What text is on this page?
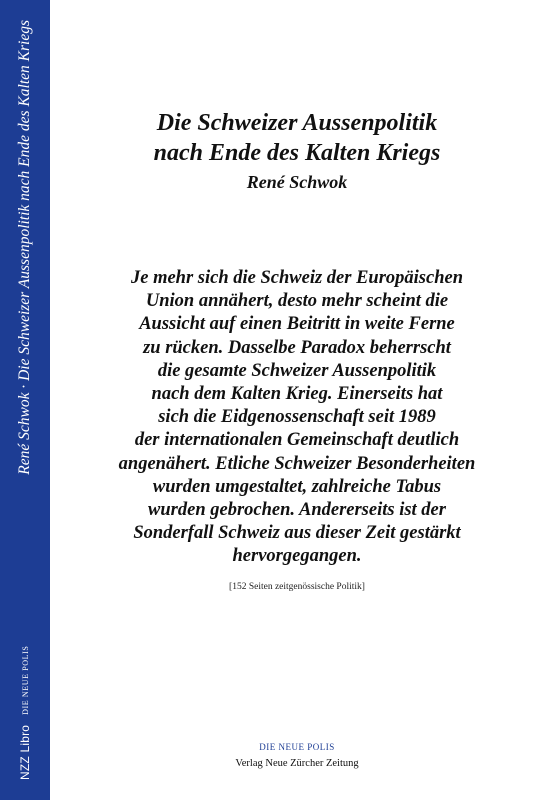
NZZ Libro
DIE NEUE POLIS
René Schwok · Die Schweizer Aussenpolitik nach Ende des Kalten Kriegs	Die Schweizer Aussenpolitik
nach Ende des Kalten Kriegs
René Schwok
Je mehr sich die Schweiz der Europäischen
Union annähert, desto mehr scheint die
Aussicht auf einen Beitritt in weite Ferne
zu rücken. Dasselbe Paradox beherrscht
die gesamte Schweizer Aussenpolitik
nach dem Kalten Krieg. Einerseits hat
sich die Eidgenossenschaft seit 1989
der internationalen Gemeinschaft deutlich
angenähert. Etliche Schweizer Besonderheiten
wurden umgestaltet, zahlreiche Tabus
wurden gebrochen. Andererseits ist der
Sonderfall Schweiz aus dieser Zeit gestärkt
hervorgegangen.
[152 Seiten zeitgenössische Politik]
DIE NEUE POLIS
Verlag Neue Zürcher Zeitung
